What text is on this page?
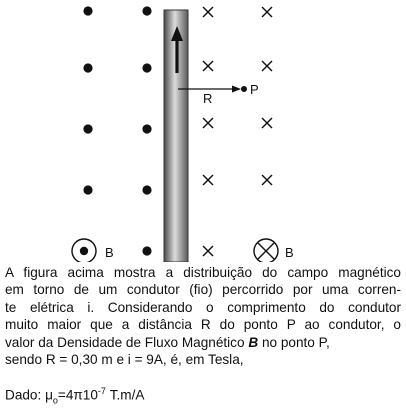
R
P
B	B
A figura acima mostra a distribuição do campo magnético
em torno de um condutor (fio) percorrido por uma corren-
te elétrica i. Considerando o comprimento do condutor
muito maior que a distância R do ponto P ao condutor, o
valor da Densidade de Fluxo Magnético B no ponto P,
sendo R = 0,30 m e i = 9A, é, em Tesla,
Dado: $\mu_o=4\pi 10^{-7}$ T.m/A
